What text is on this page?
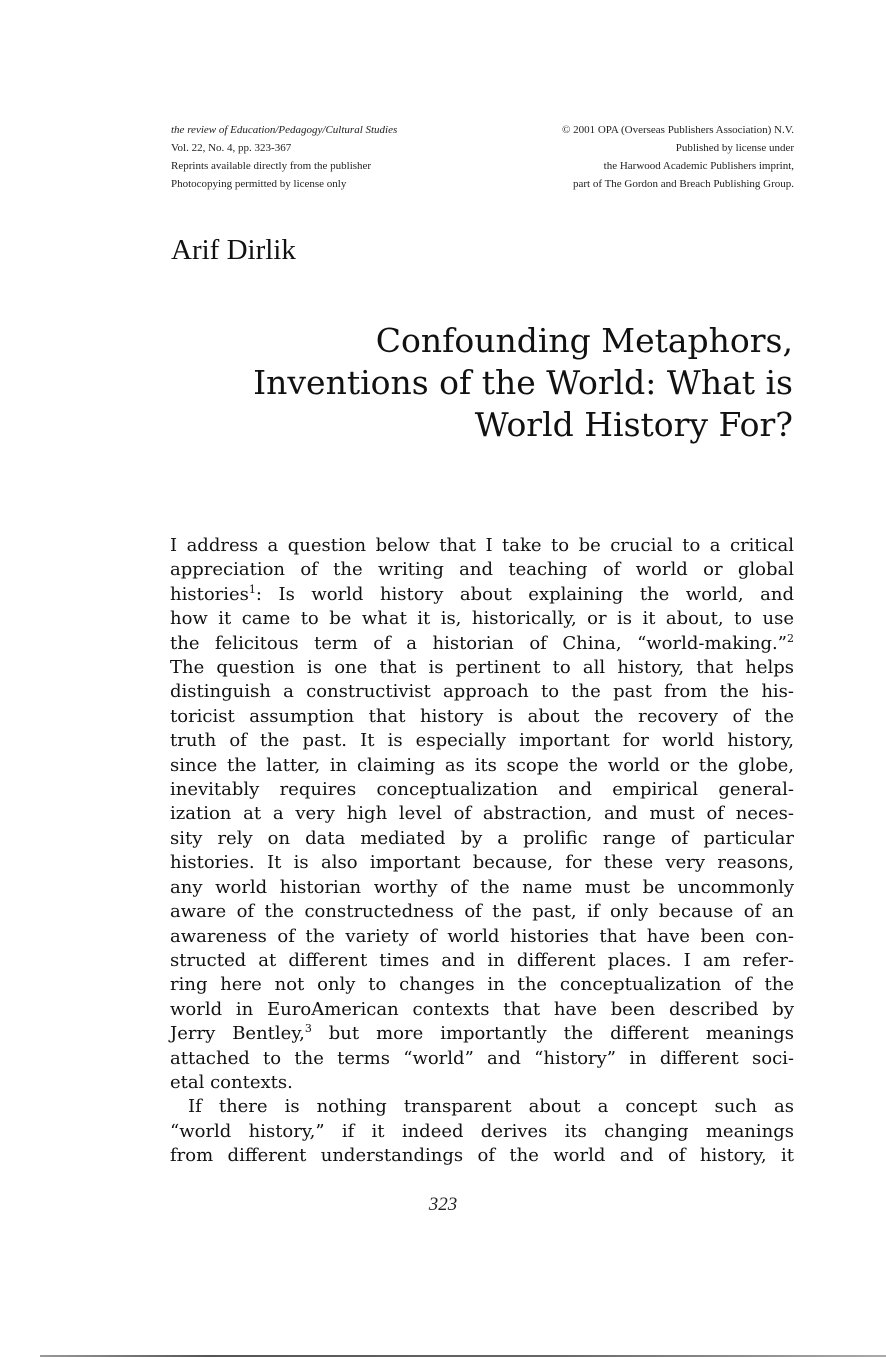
the review of Education/Pedagogy/Cultural Studies
Vol. 22, No. 4, pp. 323-367
Reprints available directly from the publisher
Photocopying permitted by license only
© 2001 OPA (Overseas Publishers Association) N.V.
Published by license under
the Harwood Academic Publishers imprint,
part of The Gordon and Breach Publishing Group.
Arif Dirlik
Confounding Metaphors,
Inventions of the World: What is
World History For?
I address a question below that I take to be crucial to a critical
appreciation of the writing and teaching of world or global
histories$^1$: Is world history about explaining the world, and
how it came to be what it is, historically, or is it about, to use
the felicitous term of a historian of China, “world-making.”$^2$
The question is one that is pertinent to all history, that helps
distinguish a constructivist approach to the past from the his-
toricist assumption that history is about the recovery of the
truth of the past. It is especially important for world history,
since the latter, in claiming as its scope the world or the globe,
inevitably requires conceptualization and empirical general-
ization at a very high level of abstraction, and must of neces-
sity rely on data mediated by a prolific range of particular
histories. It is also important because, for these very reasons,
any world historian worthy of the name must be uncommonly
aware of the constructedness of the past, if only because of an
awareness of the variety of world histories that have been con-
structed at different times and in different places. I am refer-
ring here not only to changes in the conceptualization of the
world in EuroAmerican contexts that have been described by
Jerry Bentley,$^3$ but more importantly the different meanings
attached to the terms “world” and “history” in different soci-
etal contexts.
If there is nothing transparent about a concept such as
“world history,” if it indeed derives its changing meanings
from different understandings of the world and of history, it
323
